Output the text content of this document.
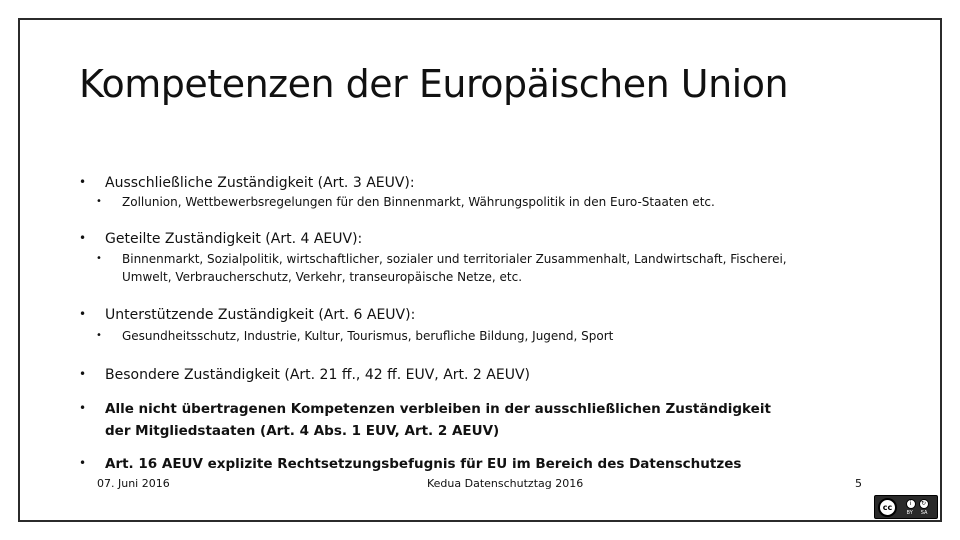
Kompetenzen der Europäischen Union
• Ausschließliche Zuständigkeit (Art. 3 AEUV):
• Zollunion, Wettbewerbsregelungen für den Binnenmarkt, Währungspolitik in den Euro-Staaten etc.
• Geteilte Zuständigkeit (Art. 4 AEUV):
• Binnenmarkt, Sozialpolitik, wirtschaftlicher, sozialer und territorialer Zusammenhalt, Landwirtschaft, Fischerei, Umwelt, Verbraucherschutz, Verkehr, transeuropäische Netze, etc.
• Unterstützende Zuständigkeit (Art. 6 AEUV):
• Gesundheitsschutz, Industrie, Kultur, Tourismus, berufliche Bildung, Jugend, Sport
• Besondere Zuständigkeit (Art. 21 ff., 42 ff. EUV, Art. 2 AEUV)
• Alle nicht übertragenen Kompetenzen verbleiben in der ausschließlichen Zuständigkeit der Mitgliedstaaten (Art. 4 Abs. 1 EUV, Art. 2 AEUV)
• Art. 16 AEUV explizite Rechtsetzungsbefugnis für EU im Bereich des Datenschutzes
07. Juni 2016	Kedua Datenschutztag 2016	5
cc	i	↻
BY SA
